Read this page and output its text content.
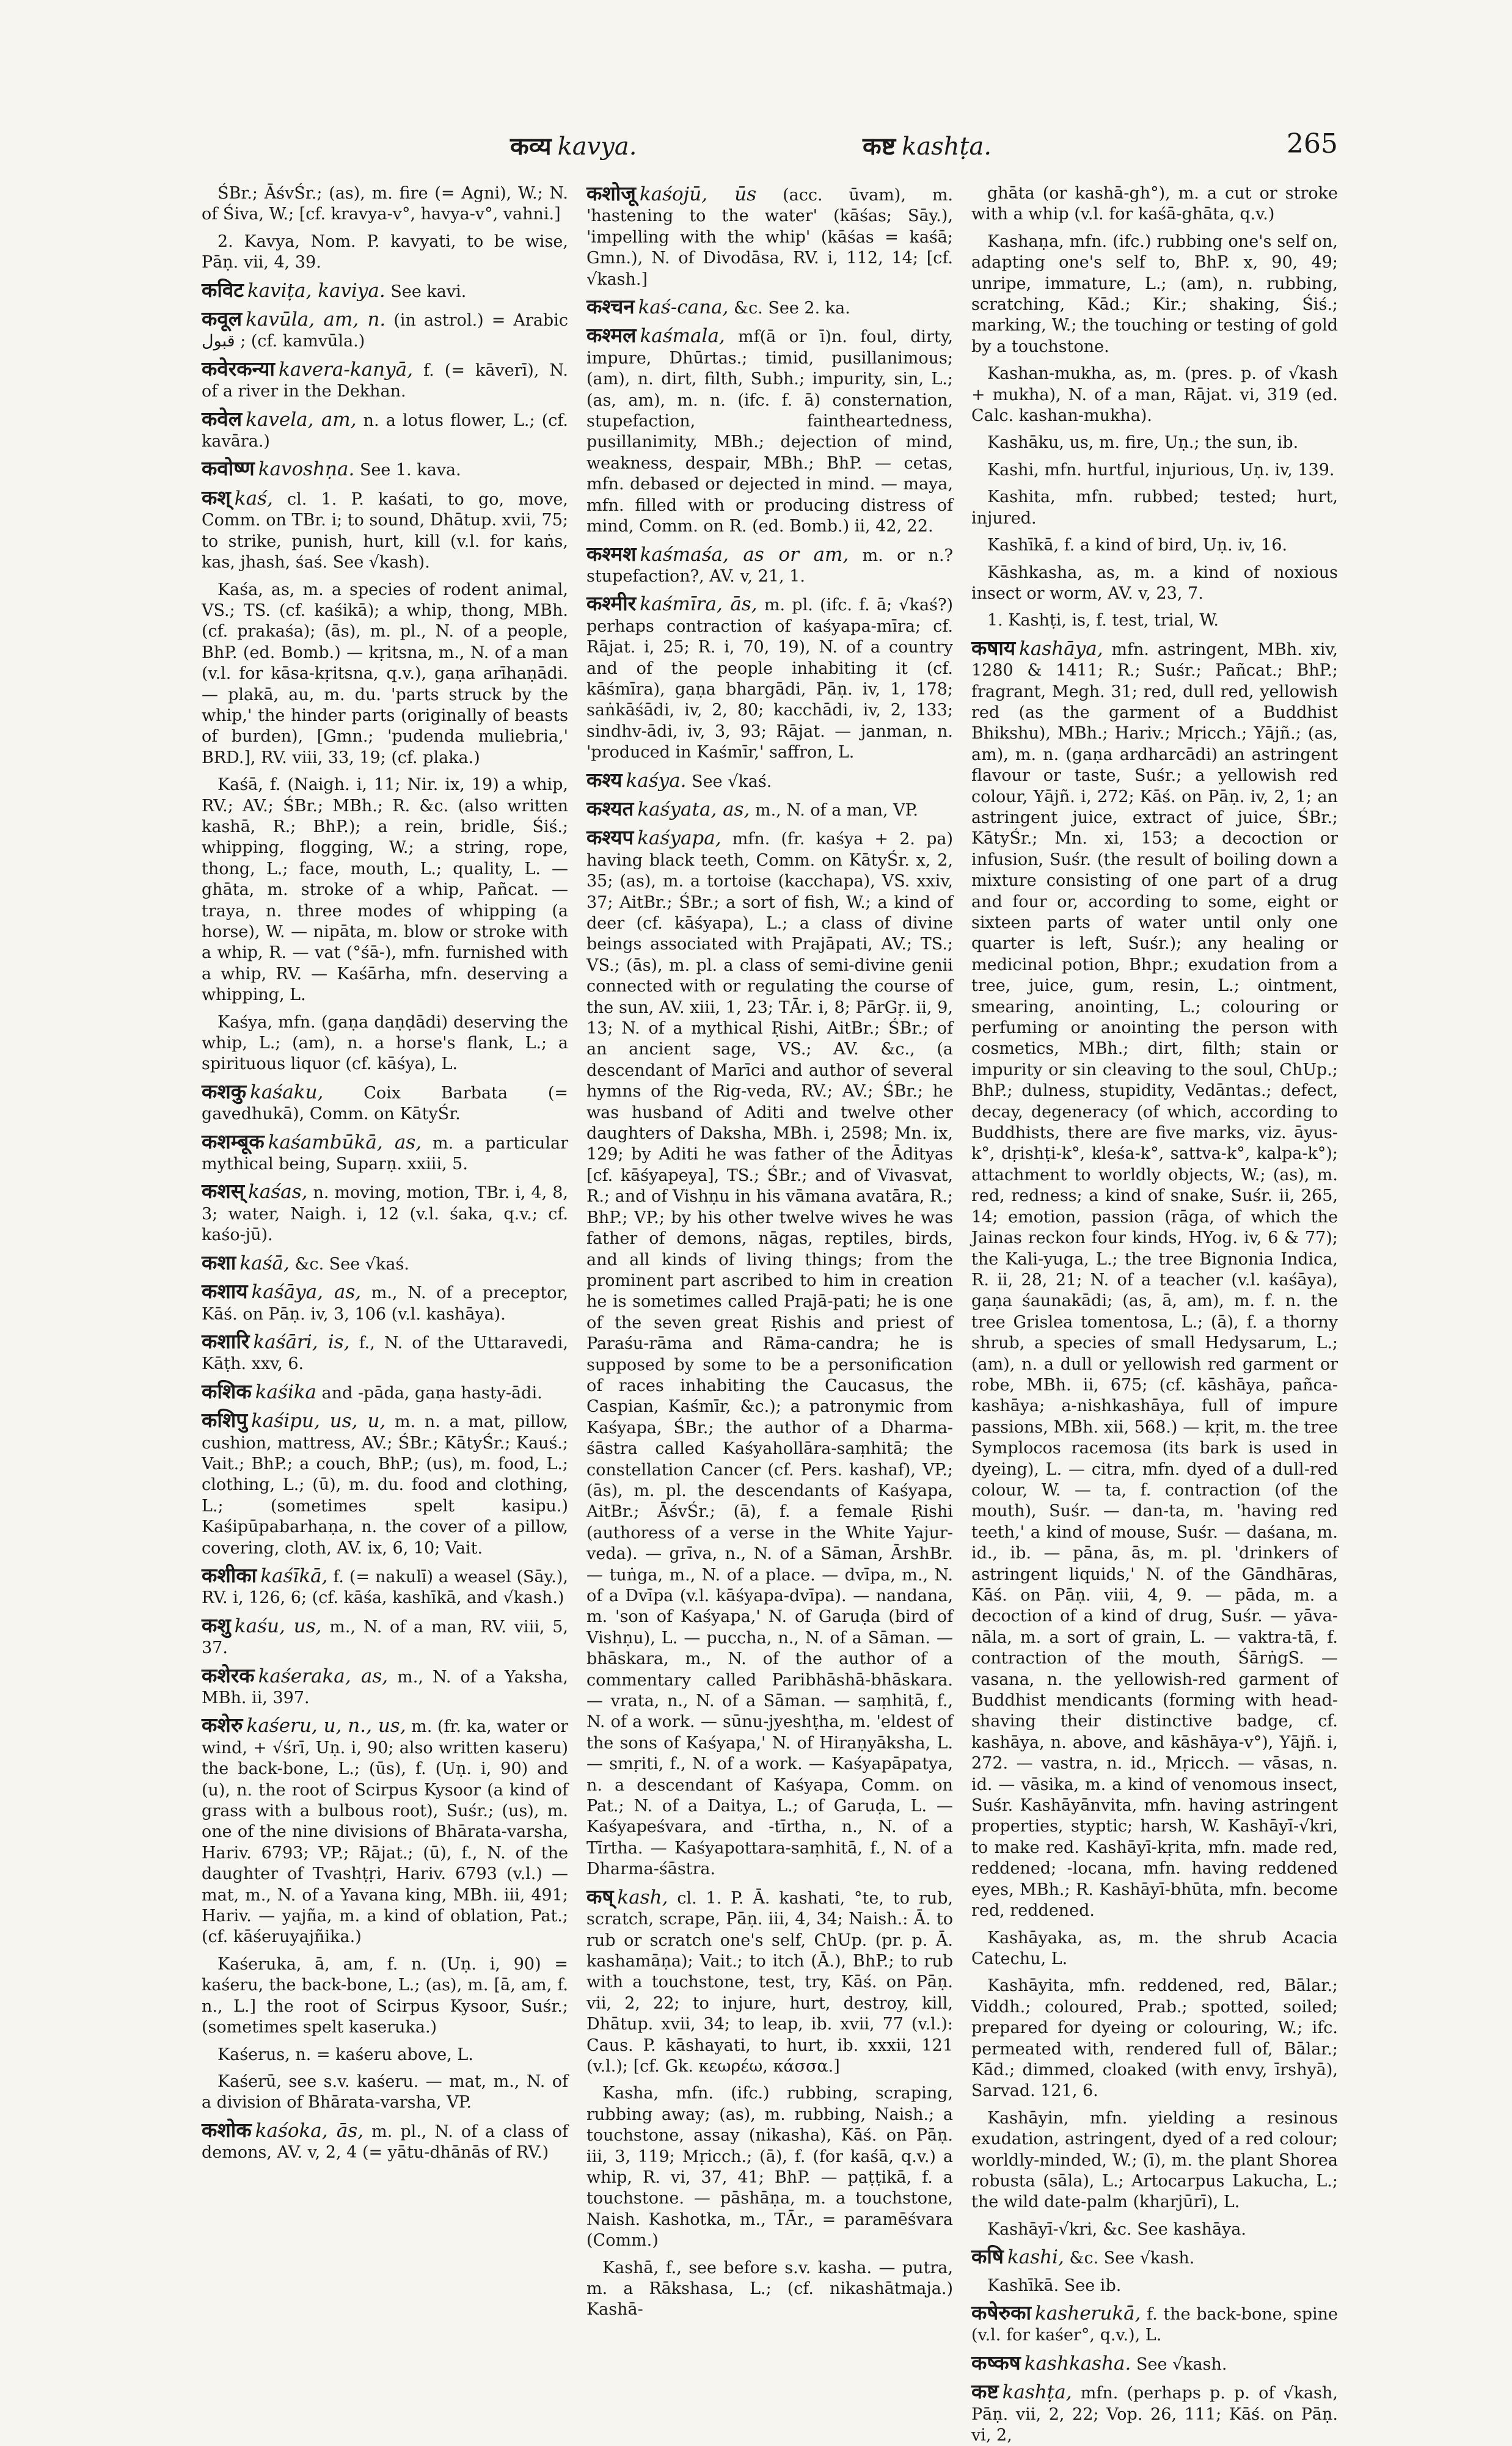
कव्य kavya.	कष्ट kashṭa.	265

ŚBr.; ĀśvŚr.; (as), m. fire (= Agni), W.; N. of Śiva, W.; [cf. kravya-v°, havya-v°, vahni.]

2. Kavya, Nom. P. kavyati, to be wise, Pāṇ. vii, 4, 39.

कविट kaviṭa, kaviya. See kavi.

कवूल kavūla, am, n. (in astrol.) = Arabic قبول ; (cf. kamvūla.)

कवेरकन्या kavera-kanyā, f. (= kāverī), N. of a river in the Dekhan.

कवेल kavela, am, n. a lotus flower, L.; (cf. kavāra.)

कवोष्ण kavoshṇa. See 1. kava.

कश् kaś, cl. 1. P. kaśati, to go, move, Comm. on TBr. i; to sound, Dhātup. xvii, 75; to strike, punish, hurt, kill (v.l. for kaṅs, kas, jhash, śaś. See √kash).

Kaśa, as, m. a species of rodent animal, VS.; TS. (cf. kaśikā); a whip, thong, MBh. (cf. prakaśa); (ās), m. pl., N. of a people, BhP. (ed. Bomb.) — kṛitsna, m., N. of a man (v.l. for kāsa-kṛitsna, q.v.), gaṇa arīhaṇādi. — plakā, au, m. du. 'parts struck by the whip,' the hinder parts (originally of beasts of burden), [Gmn.; 'pudenda muliebria,' BRD.], RV. viii, 33, 19; (cf. plaka.)

Kaśā, f. (Naigh. i, 11; Nir. ix, 19) a whip, RV.; AV.; ŚBr.; MBh.; R. &c. (also written kashā, R.; BhP.); a rein, bridle, Śiś.; whipping, flogging, W.; a string, rope, thong, L.; face, mouth, L.; quality, L. — ghāta, m. stroke of a whip, Pañcat. — traya, n. three modes of whipping (a horse), W. — nipāta, m. blow or stroke with a whip, R. — vat (°śā-), mfn. furnished with a whip, RV. — Kaśārha, mfn. deserving a whipping, L.

Kaśya, mfn. (gaṇa daṇḍādi) deserving the whip, L.; (am), n. a horse's flank, L.; a spirituous liquor (cf. kāśya), L.

कशकु kaśaku, Coix Barbata (= gavedhukā), Comm. on KātyŚr.

कशम्बूक kaśambūkā, as, m. a particular mythical being, Suparṇ. xxiii, 5.

कशस् kaśas, n. moving, motion, TBr. i, 4, 8, 3; water, Naigh. i, 12 (v.l. śaka, q.v.; cf. kaśo-jū).

कशा kaśā, &c. See √kaś.

कशाय kaśāya, as, m., N. of a preceptor, Kāś. on Pāṇ. iv, 3, 106 (v.l. kashāya).

कशारि kaśāri, is, f., N. of the Uttaravedi, Kāṭh. xxv, 6.

कशिक kaśika and -pāda, gaṇa hasty-ādi.

कशिपु kaśipu, us, u, m. n. a mat, pillow, cushion, mattress, AV.; ŚBr.; KātyŚr.; Kauś.; Vait.; BhP.; a couch, BhP.; (us), m. food, L.; clothing, L.; (ū), m. du. food and clothing, L.; (sometimes spelt kasipu.) Kaśipūpabarhaṇa, n. the cover of a pillow, covering, cloth, AV. ix, 6, 10; Vait.

कशीका kaśīkā, f. (= nakulī) a weasel (Sāy.), RV. i, 126, 6; (cf. kāśa, kashīkā, and √kash.)

कशु kaśu, us, m., N. of a man, RV. viii, 5, 37.

कशेरक kaśeraka, as, m., N. of a Yaksha, MBh. ii, 397.

कशेरु kaśeru, u, n., us, m. (fr. ka, water or wind, + √śrī, Uṇ. i, 90; also written kaseru) the back-bone, L.; (ūs), f. (Uṇ. i, 90) and (u), n. the root of Scirpus Kysoor (a kind of grass with a bulbous root), Suśr.; (us), m. one of the nine divisions of Bhārata-varsha, Hariv. 6793; VP.; Rājat.; (ū), f., N. of the daughter of Tvashṭṛi, Hariv. 6793 (v.l.) — mat, m., N. of a Yavana king, MBh. iii, 491; Hariv. — yajña, m. a kind of oblation, Pat.; (cf. kāśeruyajñika.)

Kaśeruka, ā, am, f. n. (Uṇ. i, 90) = kaśeru, the back-bone, L.; (as), m. [ā, am, f. n., L.] the root of Scirpus Kysoor, Suśr.; (sometimes spelt kaseruka.)

Kaśerus, n. = kaśeru above, L.

Kaśerū, see s.v. kaśeru. — mat, m., N. of a division of Bhārata-varsha, VP.

कशोक kaśoka, ās, m. pl., N. of a class of demons, AV. v, 2, 4 (= yātu-dhānās of RV.)

कशोजू kaśojū, ūs (acc. ūvam), m. 'hastening to the water' (kāśas; Sāy.), 'impelling with the whip' (kāśas = kaśā; Gmn.), N. of Divodāsa, RV. i, 112, 14; [cf. √kash.]

कश्चन kaś-cana, &c. See 2. ka.

कश्मल kaśmala, mf(ā or ī)n. foul, dirty, impure, Dhūrtas.; timid, pusillanimous; (am), n. dirt, filth, Subh.; impurity, sin, L.; (as, am), m. n. (ifc. f. ā) consternation, stupefaction, faintheartedness, pusillanimity, MBh.; dejection of mind, weakness, despair, MBh.; BhP. — cetas, mfn. debased or dejected in mind. — maya, mfn. filled with or producing distress of mind, Comm. on R. (ed. Bomb.) ii, 42, 22.

कश्मश kaśmaśa, as or am, m. or n.? stupefaction?, AV. v, 21, 1.

कश्मीर kaśmīra, ās, m. pl. (ifc. f. ā; √kaś?) perhaps contraction of kaśyapa-mīra; cf. Rājat. i, 25; R. i, 70, 19), N. of a country and of the people inhabiting it (cf. kāśmīra), gaṇa bhargādi, Pāṇ. iv, 1, 178; saṅkāśādi, iv, 2, 80; kacchādi, iv, 2, 133; sindhv-ādi, iv, 3, 93; Rājat. — janman, n. 'produced in Kaśmīr,' saffron, L.

कश्य kaśya. See √kaś.

कश्यत kaśyata, as, m., N. of a man, VP.

कश्यप kaśyapa, mfn. (fr. kaśya + 2. pa) having black teeth, Comm. on KātyŚr. x, 2, 35; (as), m. a tortoise (kacchapa), VS. xxiv, 37; AitBr.; ŚBr.; a sort of fish, W.; a kind of deer (cf. kāśyapa), L.; a class of divine beings associated with Prajāpati, AV.; TS.; VS.; (ās), m. pl. a class of semi-divine genii connected with or regulating the course of the sun, AV. xiii, 1, 23; TĀr. i, 8; PārGṛ. ii, 9, 13; N. of a mythical Ṛishi, AitBr.; ŚBr.; of an ancient sage, VS.; AV. &c., (a descendant of Marīci and author of several hymns of the Rig-veda, RV.; AV.; ŚBr.; he was husband of Aditi and twelve other daughters of Daksha, MBh. i, 2598; Mn. ix, 129; by Aditi he was father of the Ādityas [cf. kāśyapeya], TS.; ŚBr.; and of Vivasvat, R.; and of Vishṇu in his vāmana avatāra, R.; BhP.; VP.; by his other twelve wives he was father of demons, nāgas, reptiles, birds, and all kinds of living things; from the prominent part ascribed to him in creation he is sometimes called Prajā-pati; he is one of the seven great Ṛishis and priest of Paraśu-rāma and Rāma-candra; he is supposed by some to be a personification of races inhabiting the Caucasus, the Caspian, Kaśmīr, &c.); a patronymic from Kaśyapa, ŚBr.; the author of a Dharma-śāstra called Kaśyahollāra-saṃhitā; the constellation Cancer (cf. Pers. kashaf), VP.; (ās), m. pl. the descendants of Kaśyapa, AitBr.; ĀśvŚr.; (ā), f. a female Ṛishi (authoress of a verse in the White Yajur-veda). — grīva, n., N. of a Sāman, ĀrshBr. — tuṅga, m., N. of a place. — dvīpa, m., N. of a Dvīpa (v.l. kāśyapa-dvīpa). — nandana, m. 'son of Kaśyapa,' N. of Garuḍa (bird of Vishṇu), L. — puccha, n., N. of a Sāman. — bhāskara, m., N. of the author of a commentary called Paribhāshā-bhāskara. — vrata, n., N. of a Sāman. — saṃhitā, f., N. of a work. — sūnu-jyeshṭha, m. 'eldest of the sons of Kaśyapa,' N. of Hiraṇyāksha, L. — smṛiti, f., N. of a work. — Kaśyapāpatya, n. a descendant of Kaśyapa, Comm. on Pat.; N. of a Daitya, L.; of Garuḍa, L. — Kaśyapeśvara, and -tīrtha, n., N. of a Tīrtha. — Kaśyapottara-saṃhitā, f., N. of a Dharma-śāstra.

कष् kash, cl. 1. P. Ā. kashati, °te, to rub, scratch, scrape, Pāṇ. iii, 4, 34; Naish.: Ā. to rub or scratch one's self, ChUp. (pr. p. Ā. kashamāṇa); Vait.; to itch (Ā.), BhP.; to rub with a touchstone, test, try, Kāś. on Pāṇ. vii, 2, 22; to injure, hurt, destroy, kill, Dhātup. xvii, 34; to leap, ib. xvii, 77 (v.l.): Caus. P. kāshayati, to hurt, ib. xxxii, 121 (v.l.); [cf. Gk. κεωρέω, κάσσα.]

Kasha, mfn. (ifc.) rubbing, scraping, rubbing away; (as), m. rubbing, Naish.; a touchstone, assay (nikasha), Kāś. on Pāṇ. iii, 3, 119; Mṛicch.; (ā), f. (for kaśā, q.v.) a whip, R. vi, 37, 41; BhP. — paṭṭikā, f. a touchstone. — pāshāṇa, m. a touchstone, Naish. Kashotka, m., TĀr., = paramēśvara (Comm.)

Kashā, f., see before s.v. kasha. — putra, m. a Rākshasa, L.; (cf. nikashātmaja.) Kashā-

ghāta (or kashā-gh°), m. a cut or stroke with a whip (v.l. for kaśā-ghāta, q.v.)

Kashaṇa, mfn. (ifc.) rubbing one's self on, adapting one's self to, BhP. x, 90, 49; unripe, immature, L.; (am), n. rubbing, scratching, Kād.; Kir.; shaking, Śiś.; marking, W.; the touching or testing of gold by a touchstone.

Kashan-mukha, as, m. (pres. p. of √kash + mukha), N. of a man, Rājat. vi, 319 (ed. Calc. kashan-mukha).

Kashāku, us, m. fire, Uṇ.; the sun, ib.

Kashi, mfn. hurtful, injurious, Uṇ. iv, 139.

Kashita, mfn. rubbed; tested; hurt, injured.

Kashīkā, f. a kind of bird, Uṇ. iv, 16.

Kāshkasha, as, m. a kind of noxious insect or worm, AV. v, 23, 7.

1. Kashṭi, is, f. test, trial, W.

कषाय kashāya, mfn. astringent, MBh. xiv, 1280 & 1411; R.; Suśr.; Pañcat.; BhP.; fragrant, Megh. 31; red, dull red, yellowish red (as the garment of a Buddhist Bhikshu), MBh.; Hariv.; Mṛicch.; Yājñ.; (as, am), m. n. (gaṇa ardharcādi) an astringent flavour or taste, Suśr.; a yellowish red colour, Yājñ. i, 272; Kāś. on Pāṇ. iv, 2, 1; an astringent juice, extract of juice, ŚBr.; KātyŚr.; Mn. xi, 153; a decoction or infusion, Suśr. (the result of boiling down a mixture consisting of one part of a drug and four or, according to some, eight or sixteen parts of water until only one quarter is left, Suśr.); any healing or medicinal potion, Bhpr.; exudation from a tree, juice, gum, resin, L.; ointment, smearing, anointing, L.; colouring or perfuming or anointing the person with cosmetics, MBh.; dirt, filth; stain or impurity or sin cleaving to the soul, ChUp.; BhP.; dulness, stupidity, Vedāntas.; defect, decay, degeneracy (of which, according to Buddhists, there are five marks, viz. āyus-k°, dṛishṭi-k°, kleśa-k°, sattva-k°, kalpa-k°); attachment to worldly objects, W.; (as), m. red, redness; a kind of snake, Suśr. ii, 265, 14; emotion, passion (rāga, of which the Jainas reckon four kinds, HYog. iv, 6 & 77); the Kali-yuga, L.; the tree Bignonia Indica, R. ii, 28, 21; N. of a teacher (v.l. kaśāya), gaṇa śaunakādi; (as, ā, am), m. f. n. the tree Grislea tomentosa, L.; (ā), f. a thorny shrub, a species of small Hedysarum, L.; (am), n. a dull or yellowish red garment or robe, MBh. ii, 675; (cf. kāshāya, pañca-kashāya; a-nishkashāya, full of impure passions, MBh. xii, 568.) — kṛit, m. the tree Symplocos racemosa (its bark is used in dyeing), L. — citra, mfn. dyed of a dull-red colour, W. — ta, f. contraction (of the mouth), Suśr. — dan-ta, m. 'having red teeth,' a kind of mouse, Suśr. — daśana, m. id., ib. — pāna, ās, m. pl. 'drinkers of astringent liquids,' N. of the Gāndhāras, Kāś. on Pāṇ. viii, 4, 9. — pāda, m. a decoction of a kind of drug, Suśr. — yāva-nāla, m. a sort of grain, L. — vaktra-tā, f. contraction of the mouth, ŚārṅgS. — vasana, n. the yellowish-red garment of Buddhist mendicants (forming with head-shaving their distinctive badge, cf. kashāya, n. above, and kāshāya-v°), Yājñ. i, 272. — vastra, n. id., Mṛicch. — vāsas, n. id. — vāsika, m. a kind of venomous insect, Suśr. Kashāyānvita, mfn. having astringent properties, styptic; harsh, W. Kashāyī-√kri, to make red. Kashāyī-kṛita, mfn. made red, reddened; -locana, mfn. having reddened eyes, MBh.; R. Kashāyī-bhūta, mfn. become red, reddened.

Kashāyaka, as, m. the shrub Acacia Catechu, L.

Kashāyita, mfn. reddened, red, Bālar.; Viddh.; coloured, Prab.; spotted, soiled; prepared for dyeing or colouring, W.; ifc. permeated with, rendered full of, Bālar.; Kād.; dimmed, cloaked (with envy, īrshyā), Sarvad. 121, 6.

Kashāyin, mfn. yielding a resinous exudation, astringent, dyed of a red colour; worldly-minded, W.; (ī), m. the plant Shorea robusta (sāla), L.; Artocarpus Lakucha, L.; the wild date-palm (kharjūrī), L.

Kashāyī-√kri, &c. See kashāya.

कषि kashi, &c. See √kash.

Kashīkā. See ib.

कषेरुका kasherukā, f. the back-bone, spine (v.l. for kaśer°, q.v.), L.

कष्कष kashkasha. See √kash.

कष्ट kashṭa, mfn. (perhaps p. p. of √kash, Pāṇ. vii, 2, 22; Vop. 26, 111; Kāś. on Pāṇ. vi, 2,
